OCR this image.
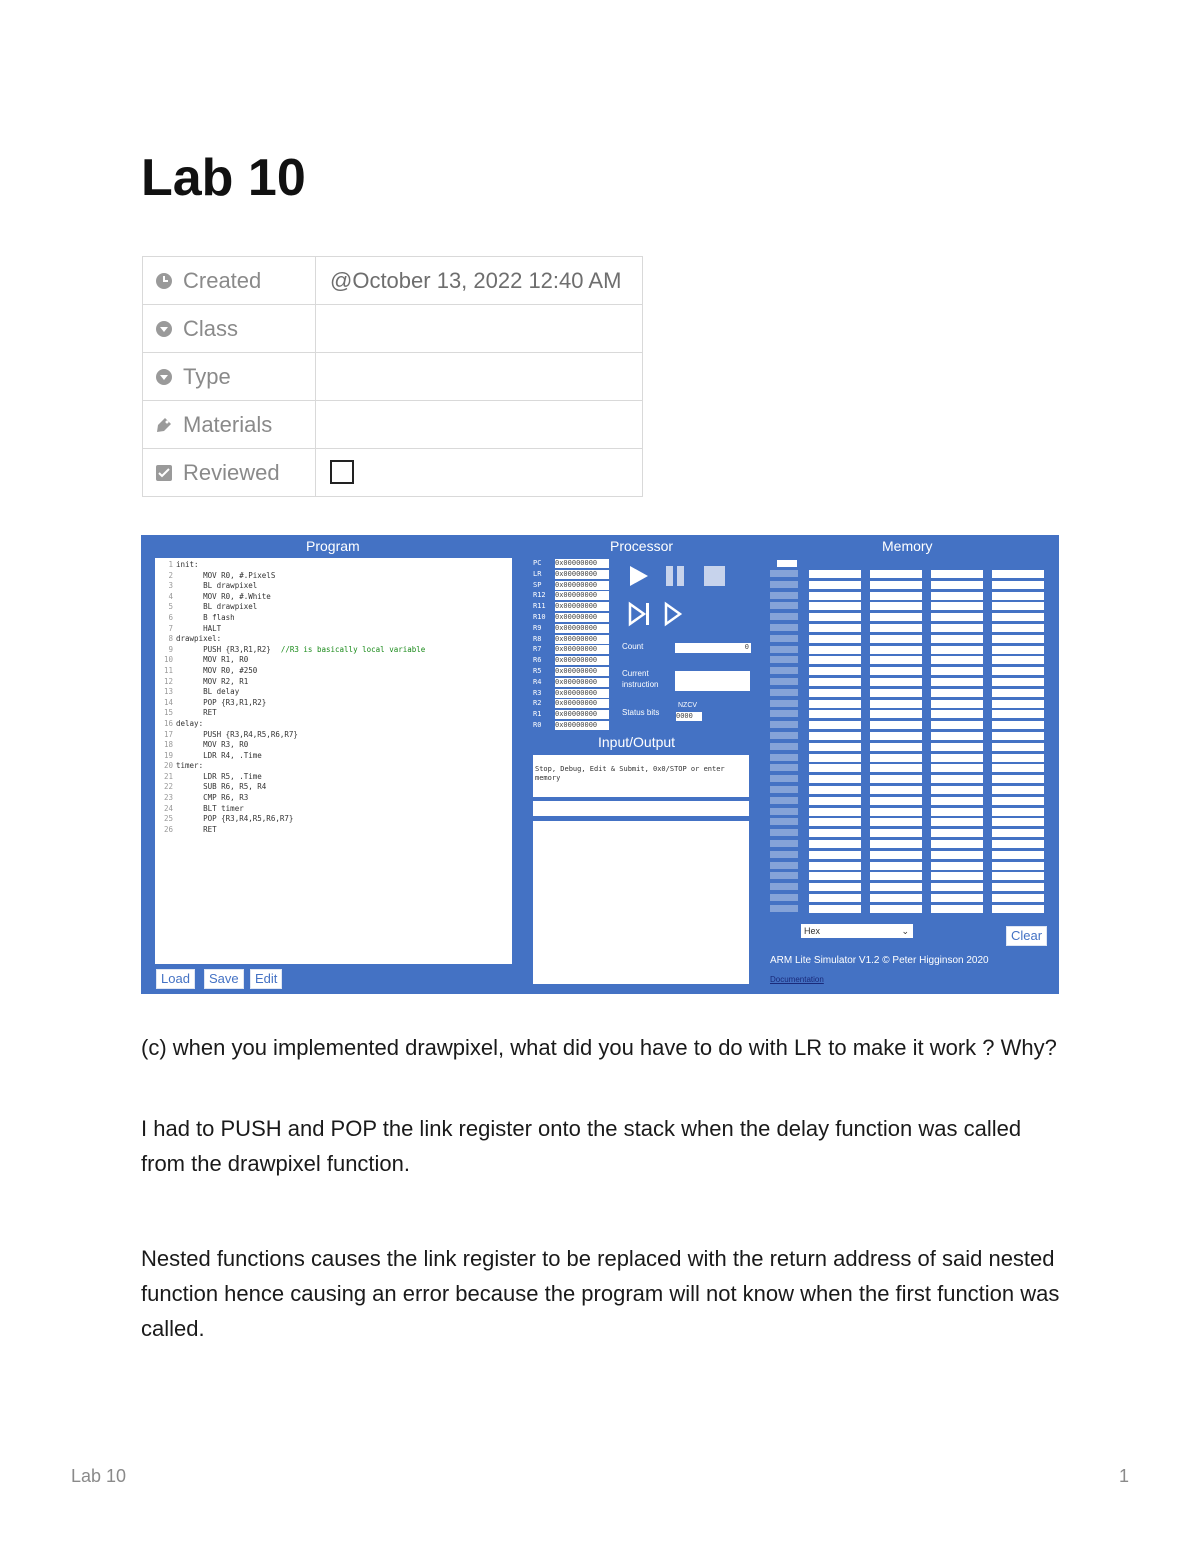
Lab 10
Created	@October 13, 2022 12:40 AM
Class	
Type	
Materials	
Reviewed	
Program	Processor	Memory
1 init:
2      MOV R0, #.PixelS
3      BL drawpixel
4      MOV R0, #.White
5      BL drawpixel
6      B flash
7      HALT
8 drawpixel:
9      PUSH {R3,R1,R2} //R3 is basically local variable
10      MOV R1, R0
11      MOV R0, #250
12      MOV R2, R1
13      BL delay
14      POP {R3,R1,R2}
15      RET
16 delay:
17      PUSH {R3,R4,R5,R6,R7}
18      MOV R3, R0
19      LDR R4, .Time
20 timer:
21      LDR R5, .Time
22      SUB R6, R5, R4
23      CMP R6, R3
24      BLT timer
25      POP {R3,R4,R5,R6,R7}
26      RET
Load	Save	Edit
PC 0x00000000
LR 0x00000000
SP 0x00000000
R12 0x00000000
R11 0x00000000
R10 0x00000000
R9 0x00000000
R8 0x00000000
R7 0x00000000
R6 0x00000000
R5 0x00000000
R4 0x00000000
R3 0x00000000
R2 0x00000000
R1 0x00000000
R0 0x00000000
Count	0
Current
instruction
Status bits
NZCV
0000
Input/Output
Stop, Debug, Edit & Submit, 0x0/STOP or enter memory
Hex	⌄	Clear
ARM Lite Simulator V1.2 © Peter Higginson 2020
Documentation

(c) when you implemented drawpixel, what did you have to do with LR to make it work ? Why?

I had to PUSH and POP the link register onto the stack when the delay function was called from the drawpixel function.

Nested functions causes the link register to be replaced with the return address of said nested function hence causing an error because the program will not know when the first function was called.

Lab 10	1
